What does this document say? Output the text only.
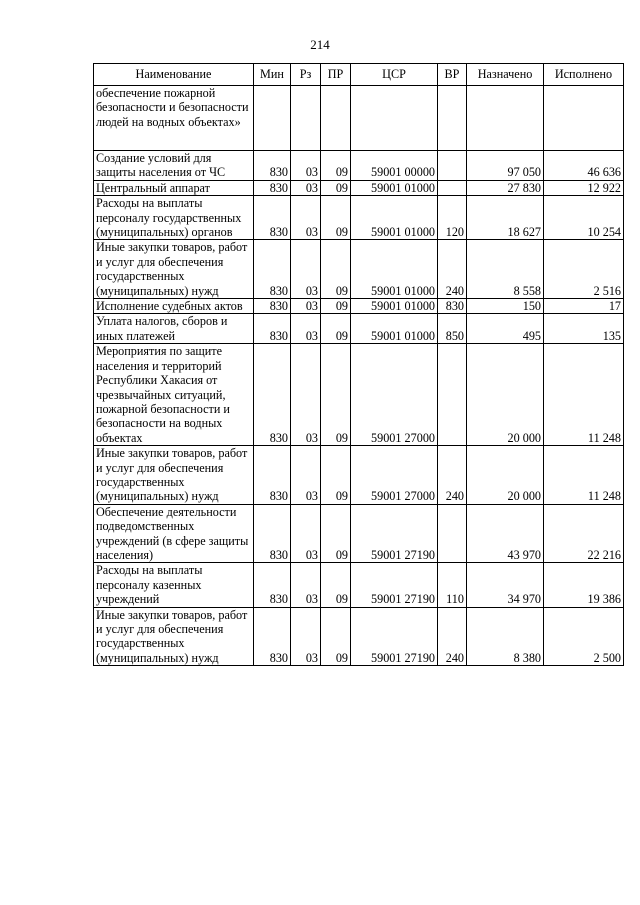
214
Наименование	Мин	Рз	ПР	ЦСР	ВР	Назначено	Исполнено
обеспечение пожарной безопасности и безопасности людей на водных объектах»							
Создание условий для защиты населения от ЧС	830	03	09	59001 00000		97 050	46 636
Центральный аппарат	830	03	09	59001 01000		27 830	12 922
Расходы на выплаты персоналу государственных (муниципальных) органов	830	03	09	59001 01000	120	18 627	10 254
Иные закупки товаров, работ и услуг для обеспечения государственных (муниципальных) нужд	830	03	09	59001 01000	240	8 558	2 516
Исполнение судебных актов	830	03	09	59001 01000	830	150	17
Уплата налогов, сборов и иных платежей	830	03	09	59001 01000	850	495	135
Мероприятия по защите населения и территорий Республики Хакасия от чрезвычайных ситуаций, пожарной безопасности и безопасности на водных объектах	830	03	09	59001 27000		20 000	11 248
Иные закупки товаров, работ и услуг для обеспечения государственных (муниципальных) нужд	830	03	09	59001 27000	240	20 000	11 248
Обеспечение деятельности подведомственных учреждений (в сфере защиты населения)	830	03	09	59001 27190		43 970	22 216
Расходы на выплаты персоналу казенных учреждений	830	03	09	59001 27190	110	34 970	19 386
Иные закупки товаров, работ и услуг для обеспечения государственных (муниципальных) нужд	830	03	09	59001 27190	240	8 380	2 500
